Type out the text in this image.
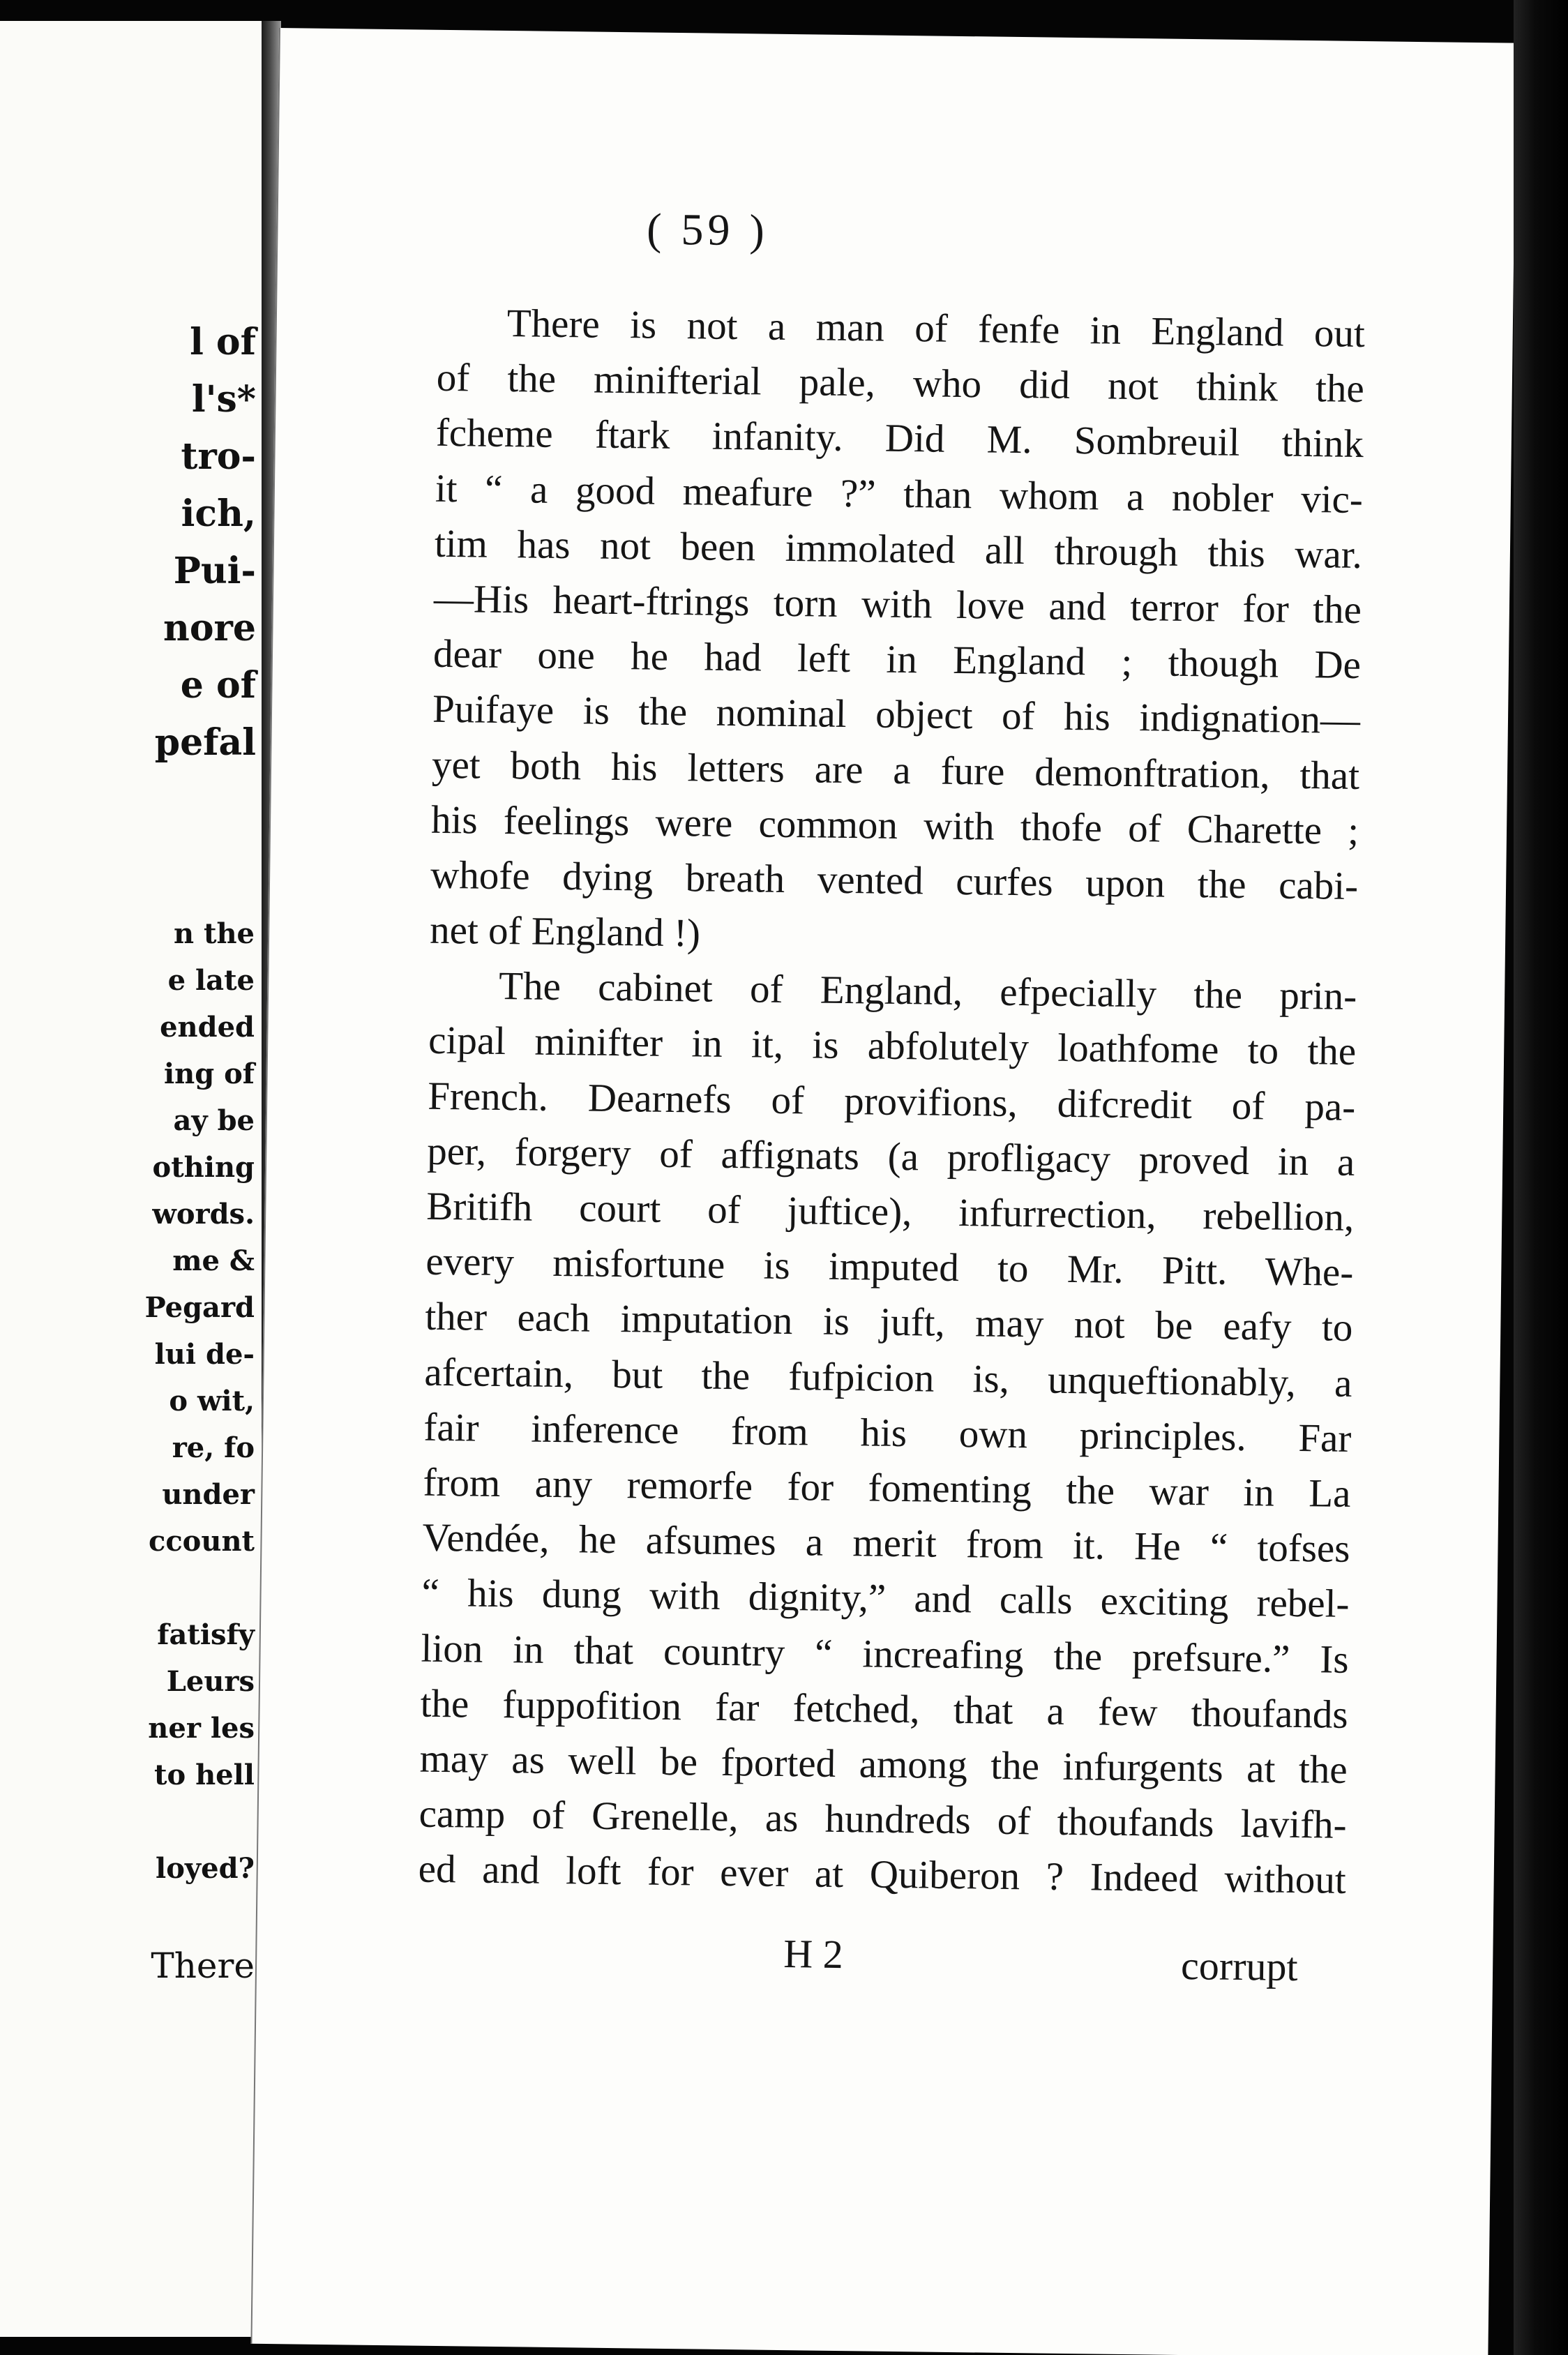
l of
l's*
tro-
ich,
Pui-
nore
e of
pefal
n the
e late
ended
ing of
ay be
othing
words.
me &
Pegard
lui de-
o wit,
re, fo
under
ccount
fatisfy
Leurs
ner les
to hell
loyed?
There
( 59 )
There is not a man of fenfe in England out
of the minifterial pale, who did not think the
fcheme ftark infanity. Did M. Sombreuil think
it “ a good meafure ?” than whom a nobler vic-
tim has not been immolated all through this war.
—His heart-ftrings torn with love and terror for the
dear one he had left in England ; though De
Puifaye is the nominal object of his indignation—
yet both his letters are a fure demonftration, that
his feelings were common with thofe of Charette ;
whofe dying breath vented curfes upon the cabi-
net of England !)
The cabinet of England, efpecially the prin-
cipal minifter in it, is abfolutely loathfome to the
French. Dearnefs of provifions, difcredit of pa-
per, forgery of affignats (a profligacy proved in a
Britifh court of juftice), infurrection, rebellion,
every misfortune is imputed to Mr. Pitt. Whe-
ther each imputation is juft, may not be eafy to
afcertain, but the fufpicion is, unqueftionably, a
fair inference from his own principles. Far
from any remorfe for fomenting the war in La
Vendée, he afsumes a merit from it. He “ tofses
“ his dung with dignity,” and calls exciting rebel-
lion in that country “ increafing the prefsure.” Is
the fuppofition far fetched, that a few thoufands
may as well be fported among the infurgents at the
camp of Grenelle, as hundreds of thoufands lavifh-
ed and loft for ever at Quiberon ? Indeed without
H 2	corrupt
